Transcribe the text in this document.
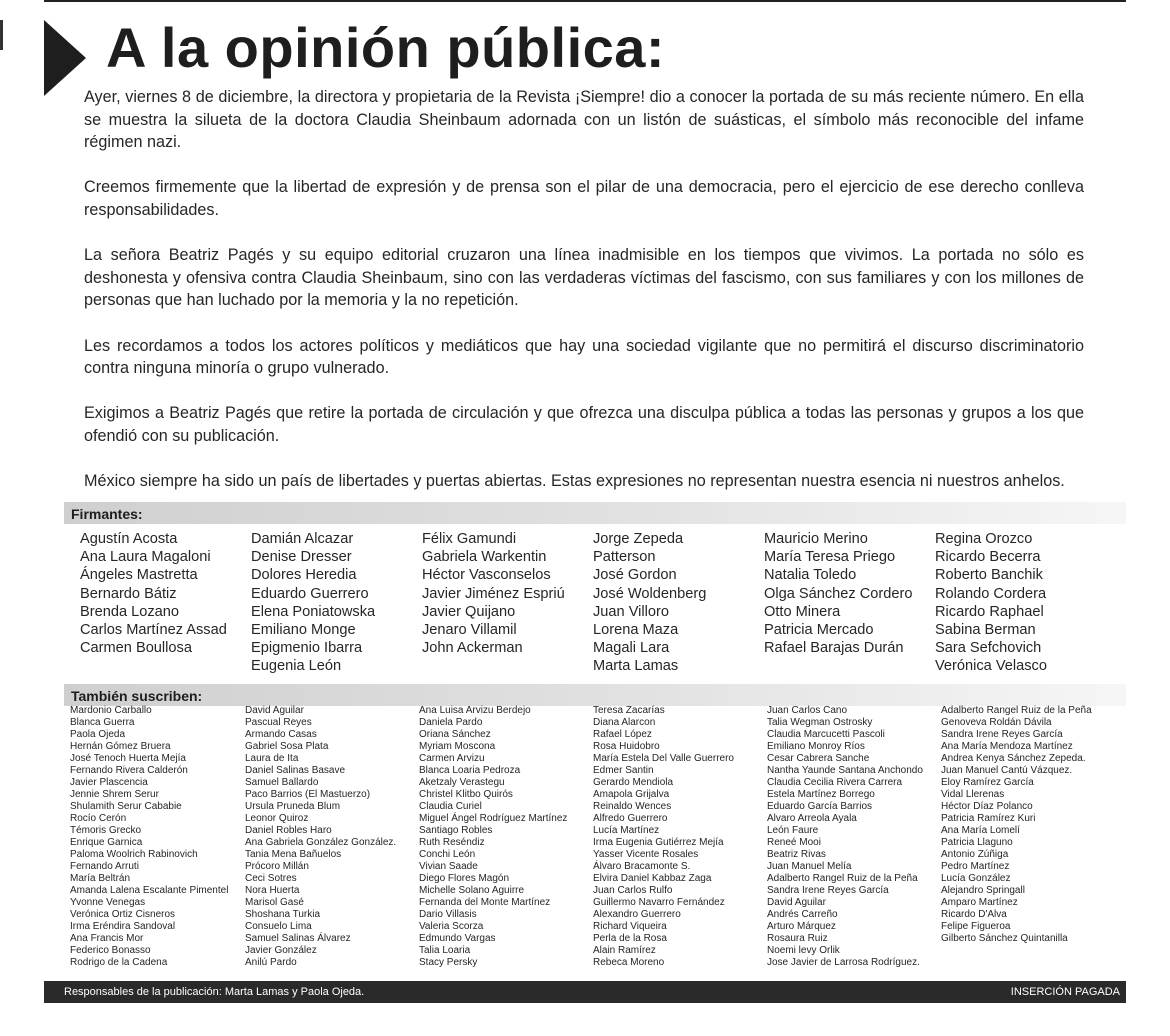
A la opinión pública:

Ayer, viernes 8 de diciembre, la directora y propietaria de la Revista ¡Siempre! dio a conocer la portada de su más reciente número. En ella se muestra la silueta de la doctora Claudia Sheinbaum adornada con un listón de suásticas, el símbolo más reconocible del infame régimen nazi.

Creemos firmemente que la libertad de expresión y de prensa son el pilar de una democracia, pero el ejercicio de ese derecho conlleva responsabilidades.

La señora Beatriz Pagés y su equipo editorial cruzaron una línea inadmisible en los tiempos que vivimos. La portada no sólo es deshonesta y ofensiva contra Claudia Sheinbaum, sino con las verdaderas víctimas del fascismo, con sus familiares y con los millones de personas que han luchado por la memoria y la no repetición.

Les recordamos a todos los actores políticos y mediáticos que hay una sociedad vigilante que no permitirá el discurso discriminatorio contra ninguna minoría o grupo vulnerado.

Exigimos a Beatriz Pagés que retire la portada de circulación y que ofrezca una disculpa pública a todas las personas y grupos a los que ofendió con su publicación.

México siempre ha sido un país de libertades y puertas abiertas. Estas expresiones no representan nuestra esencia ni nuestros anhelos.

Firmantes:
Agustín Acosta
Ana Laura Magaloni
Ángeles Mastretta
Bernardo Bátiz
Brenda Lozano
Carlos Martínez Assad
Carmen Boullosa
Damián Alcazar
Denise Dresser
Dolores Heredia
Eduardo Guerrero
Elena Poniatowska
Emiliano Monge
Epigmenio Ibarra
Eugenia León
Félix Gamundi
Gabriela Warkentin
Héctor Vasconselos
Javier Jiménez Espriú
Javier Quijano
Jenaro Villamil
John Ackerman
Jorge Zepeda
Patterson
José Gordon
José Woldenberg
Juan Villoro
Lorena Maza
Magali Lara
Marta Lamas
Mauricio Merino
María Teresa Priego
Natalia Toledo
Olga Sánchez Cordero
Otto Minera
Patricia Mercado
Rafael Barajas Durán
Regina Orozco
Ricardo Becerra
Roberto Banchik
Rolando Cordera
Ricardo Raphael
Sabina Berman
Sara Sefchovich
Verónica Velasco
También suscriben:
Mardonio Carballo
Blanca Guerra
Paola Ojeda
Hernán Gómez Bruera
José Tenoch Huerta Mejía
Fernando Rivera Calderón
Javier Plascencia
Jennie Shrem Serur
Shulamith Serur Cababie
Rocío Cerón
Témoris Grecko
Enrique Garnica
Paloma Woolrich Rabinovich
Fernando Arruti
María Beltrán
Amanda Lalena Escalante Pimentel
Yvonne Venegas
Verónica Ortiz Cisneros
Irma Eréndira Sandoval
Ana Francis Mor
Federico Bonasso
Rodrigo de la Cadena
David Aguilar
Pascual Reyes
Armando Casas
Gabriel Sosa Plata
Laura de Ita
Daniel Salinas Basave
Samuel Ballardo
Paco Barrios (El Mastuerzo)
Ursula Pruneda Blum
Leonor Quiroz
Daniel Robles Haro
Ana Gabriela González González.
Tania Mena Bañuelos
Prócoro Millán
Ceci Sotres
Nora Huerta
Marisol Gasé
Shoshana Turkia
Consuelo Lima
Samuel Salinas Álvarez
Javier González
Anilú Pardo
Ana Luisa Arvizu Berdejo
Daniela Pardo
Oriana Sánchez
Myriam Moscona
Carmen Arvizu
Blanca Loaria Pedroza
Aketzaly Verastegu
Christel Klitbo Quirós
Claudia Curiel
Miguel Ángel Rodríguez Martínez
Santiago Robles
Ruth Reséndiz
Conchi León
Vivian Saade
Diego Flores Magón
Michelle Solano Aguirre
Fernanda del Monte Martínez
Dario Villasis
Valeria Scorza
Edmundo Vargas
Talia Loaria
Stacy Persky
Teresa Zacarías
Diana Alarcon
Rafael López
Rosa Huidobro
María Estela Del Valle Guerrero
Edmer Santin
Gerardo Mendiola
Amapola Grijalva
Reinaldo Wences
Alfredo Guerrero
Lucía Martínez
Irma Eugenia Gutiérrez Mejía
Yasser Vicente Rosales
Álvaro Bracamonte S.
Elvira Daniel Kabbaz Zaga
Juan Carlos Rulfo
Guillermo Navarro Fernández
Alexandro Guerrero
Richard Viqueira
Perla de la Rosa
Alain Ramírez
Rebeca Moreno
Juan Carlos Cano
Talia Wegman Ostrosky
Claudia Marcucetti Pascoli
Emiliano Monroy Ríos
Cesar Cabrera Sanche
Nantha Yaunde Santana Anchondo
Claudia Cecilia Rivera Carrera
Estela Martínez Borrego
Eduardo García Barrios
Alvaro Arreola Ayala
León Faure
Reneé Mooi
Beatriz Rivas
Juan Manuel Melía
Adalberto Rangel Ruiz de la Peña
Sandra Irene Reyes García
David Aguilar
Andrés Carreño
Arturo Márquez
Rosaura Ruiz
Noemi levy Orlik
Jose Javier de Larrosa Rodríguez.
Adalberto Rangel Ruiz de la Peña
Genoveva Roldán Dávila
Sandra Irene Reyes García
Ana María Mendoza Martínez
Andrea Kenya Sánchez Zepeda.
Juan Manuel Cantú Vázquez.
Eloy Ramírez García
Vidal Llerenas
Héctor Díaz Polanco
Patricia Ramírez Kuri
Ana María Lomelí
Patricia Llaguno
Antonio Zúñiga
Pedro Martínez
Lucía González
Alejandro Springall
Amparo Martínez
Ricardo D'Alva
Felipe Figueroa
Gilberto Sánchez Quintanilla
Responsables de la publicación: Marta Lamas y Paola Ojeda.	INSERCIÓN PAGADA
